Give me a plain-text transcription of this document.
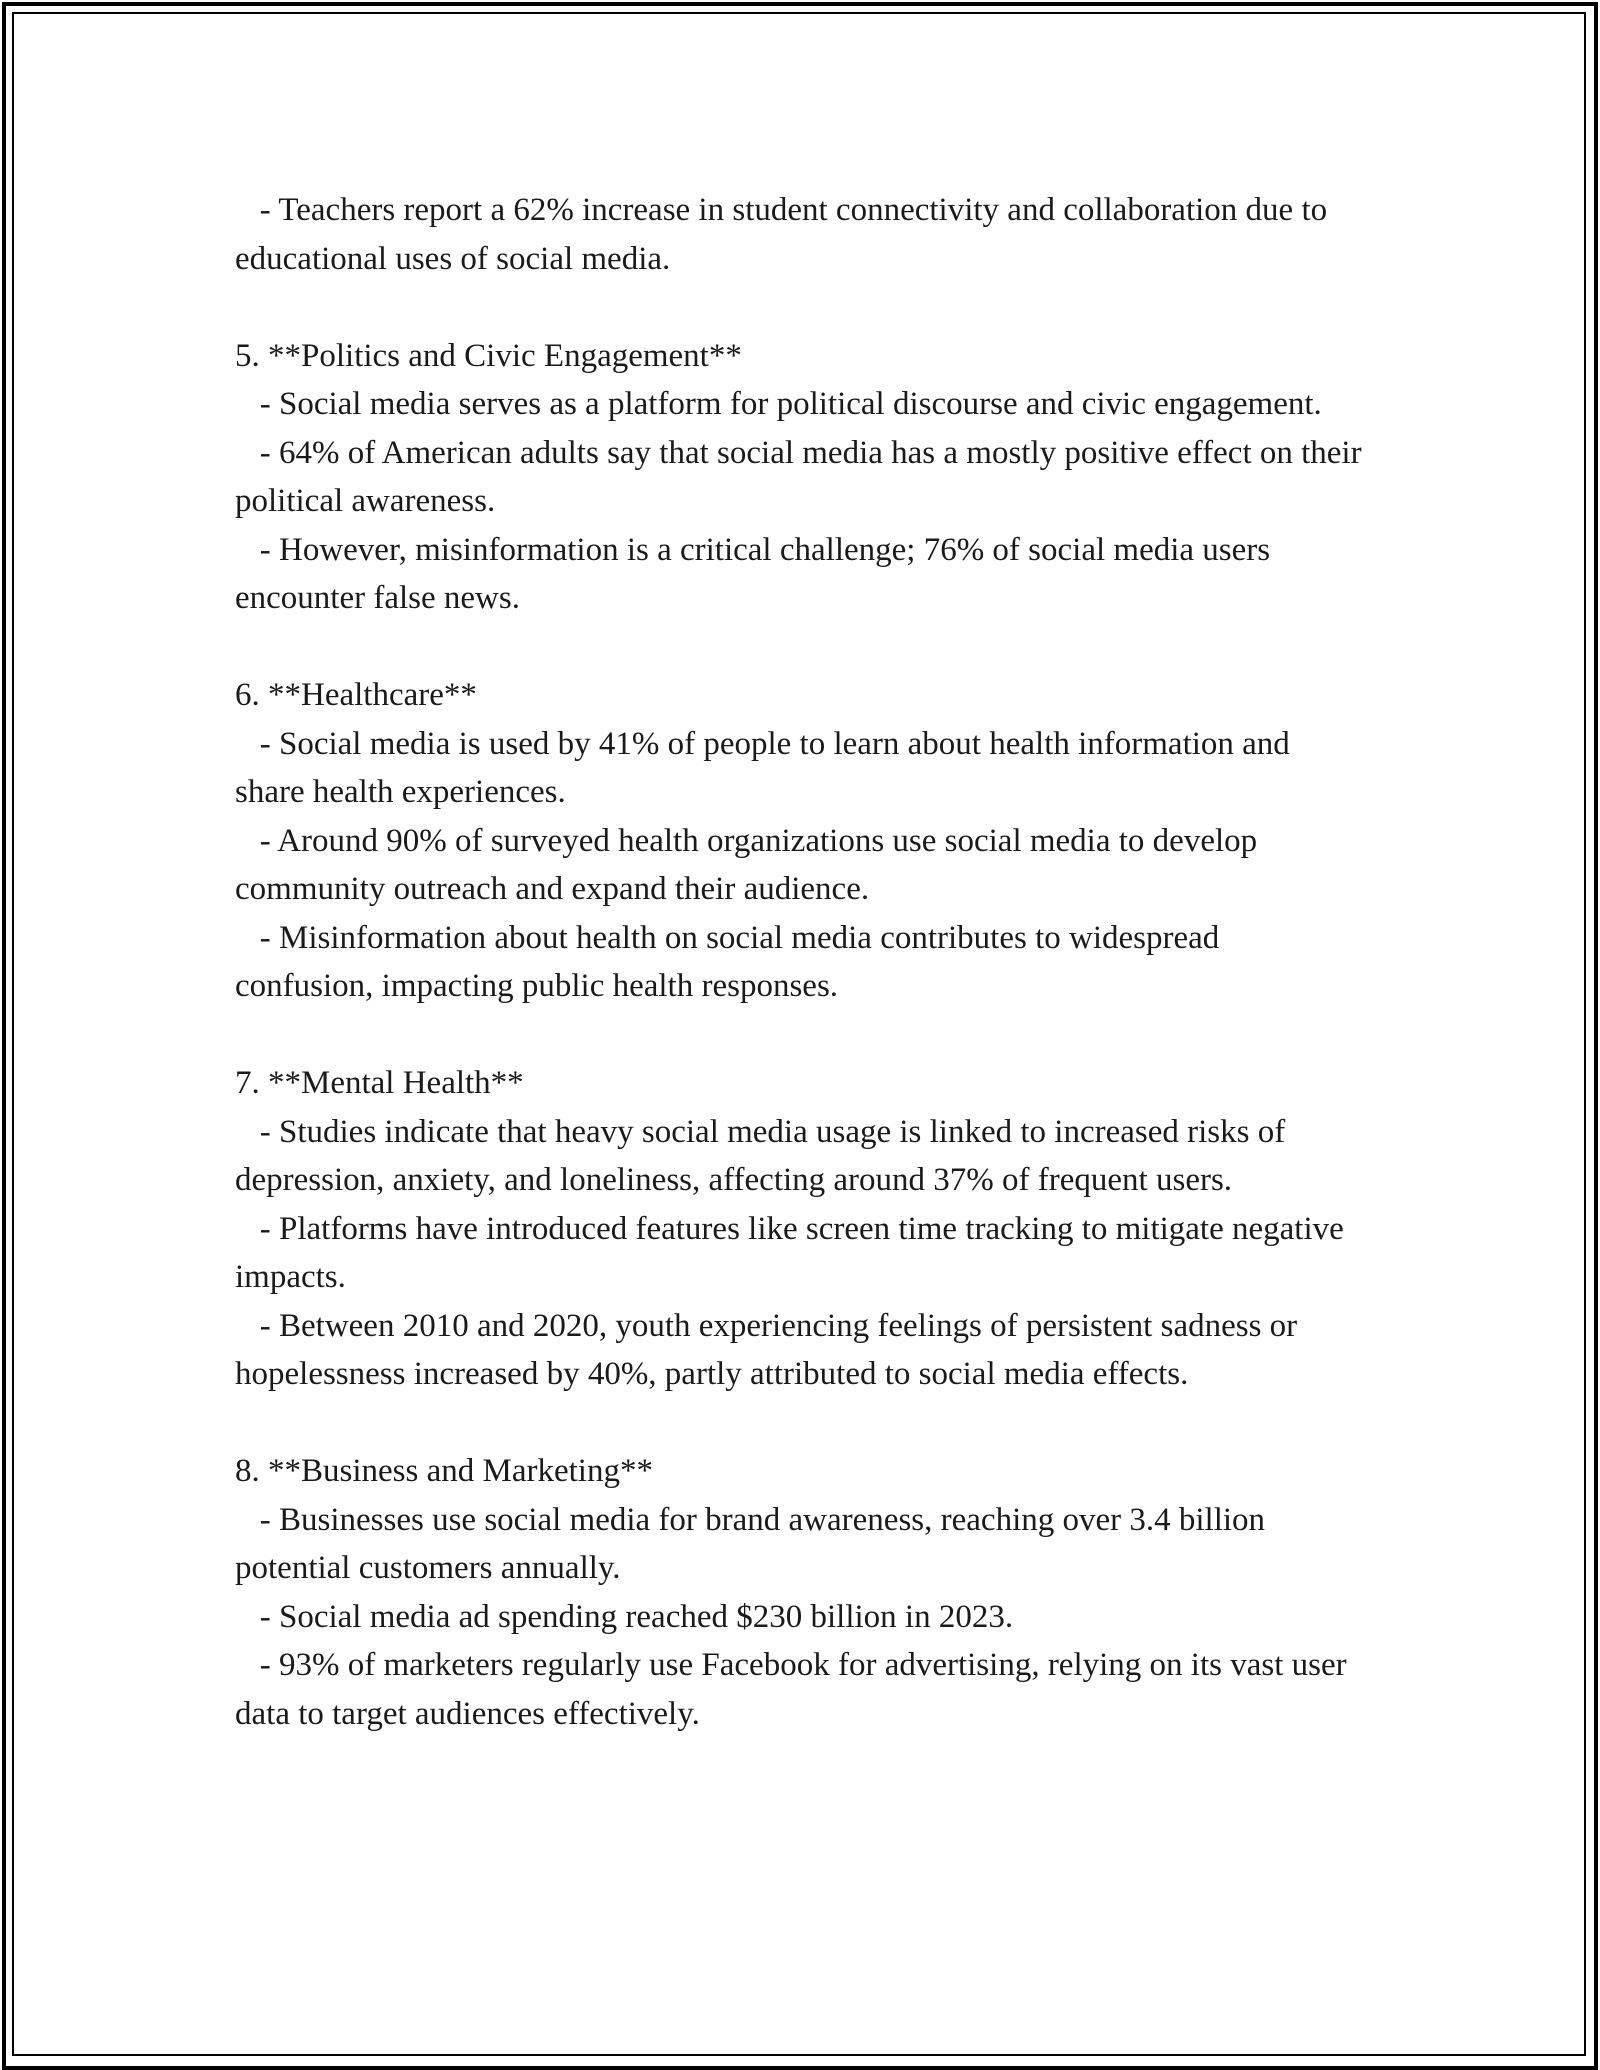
- Teachers report a 62% increase in student connectivity and collaboration due to educational uses of social media.

5. **Politics and Civic Engagement**

- Social media serves as a platform for political discourse and civic engagement.

- 64% of American adults say that social media has a mostly positive effect on their political awareness.

- However, misinformation is a critical challenge; 76% of social media users encounter false news.

6. **Healthcare**

- Social media is used by 41% of people to learn about health information and share health experiences.

- Around 90% of surveyed health organizations use social media to develop community outreach and expand their audience.

- Misinformation about health on social media contributes to widespread confusion, impacting public health responses.

7. **Mental Health**

- Studies indicate that heavy social media usage is linked to increased risks of depression, anxiety, and loneliness, affecting around 37% of frequent users.

- Platforms have introduced features like screen time tracking to mitigate negative impacts.

- Between 2010 and 2020, youth experiencing feelings of persistent sadness or hopelessness increased by 40%, partly attributed to social media effects.

8. **Business and Marketing**

- Businesses use social media for brand awareness, reaching over 3.4 billion potential customers annually.

- Social media ad spending reached $230 billion in 2023.

- 93% of marketers regularly use Facebook for advertising, relying on its vast user data to target audiences effectively.
